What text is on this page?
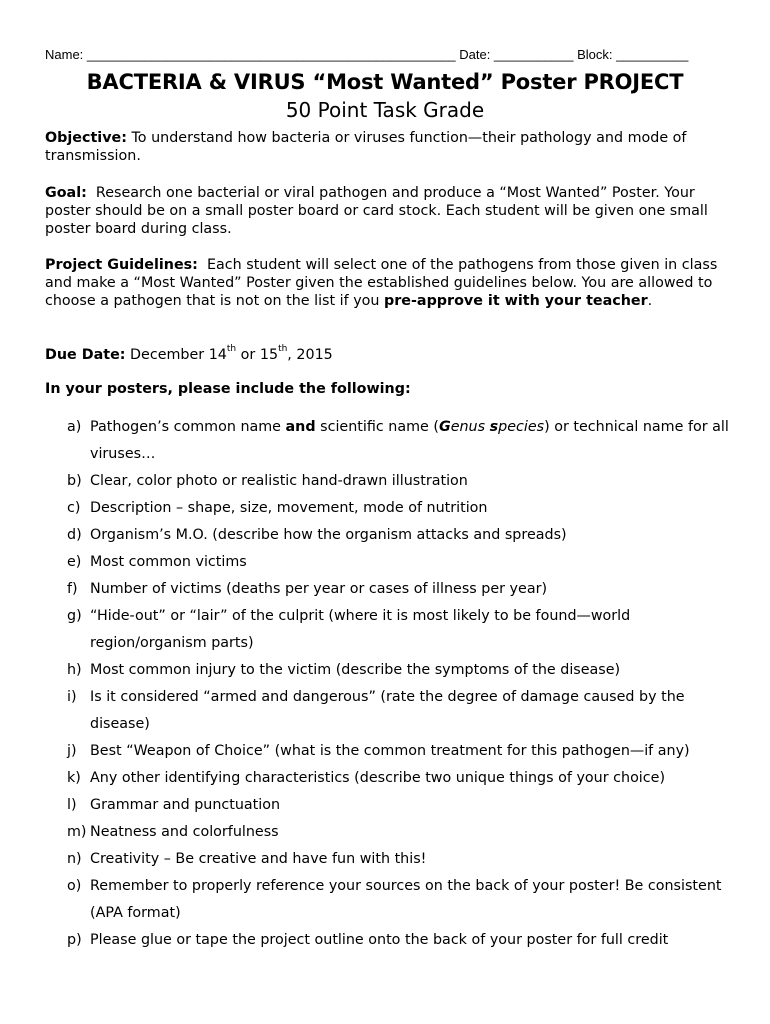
Name: ___________________________________________________ Date: ___________ Block: __________
BACTERIA & VIRUS “Most Wanted” Poster PROJECT
50 Point Task Grade
Objective: To understand how bacteria or viruses function—their pathology and mode of transmission.
Goal:  Research one bacterial or viral pathogen and produce a “Most Wanted” Poster. Your poster should be on a small poster board or card stock. Each student will be given one small poster board during class.
Project Guidelines:  Each student will select one of the pathogens from those given in class and make a “Most Wanted” Poster given the established guidelines below. You are allowed to choose a pathogen that is not on the list if you pre-approve it with your teacher.
Due Date: December 14th or 15th, 2015
In your posters, please include the following:
a) Pathogen’s common name and scientific name (Genus species) or technical name for all viruses…
b) Clear, color photo or realistic hand-drawn illustration
c) Description – shape, size, movement, mode of nutrition
d) Organism’s M.O. (describe how the organism attacks and spreads)
e) Most common victims
f) Number of victims (deaths per year or cases of illness per year)
g) “Hide-out” or “lair” of the culprit (where it is most likely to be found—world region/organism parts)
h) Most common injury to the victim (describe the symptoms of the disease)
i) Is it considered “armed and dangerous” (rate the degree of damage caused by the disease)
j) Best “Weapon of Choice” (what is the common treatment for this pathogen—if any)
k) Any other identifying characteristics (describe two unique things of your choice)
l) Grammar and punctuation
m) Neatness and colorfulness
n) Creativity – Be creative and have fun with this!
o) Remember to properly reference your sources on the back of your poster! Be consistent (APA format)
p) Please glue or tape the project outline onto the back of your poster for full credit
